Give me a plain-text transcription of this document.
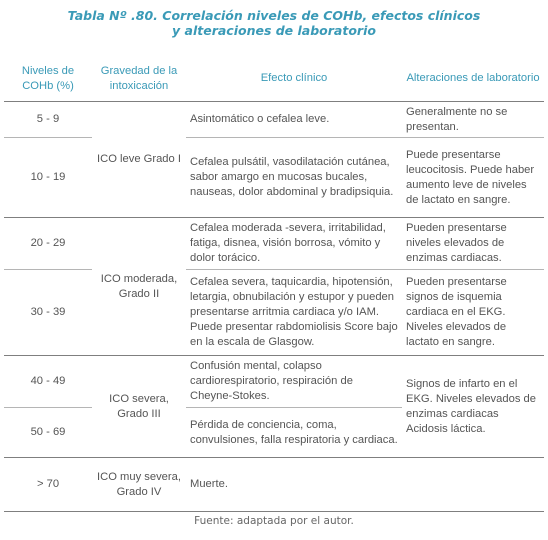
Tabla Nº .80. Correlación niveles de COHb, efectos clínicos
y alteraciones de laboratorio
Niveles de COHb (%)	Gravedad de la intoxicación	Efecto clínico	Alteraciones de laboratorio
5 - 9	ICO leve Grado I	Asintomático o cefalea leve.	Generalmente no se presentan.
10 - 19		Cefalea pulsátil, vasodilatación cutánea, sabor amargo en mucosas bucales, nauseas, dolor abdominal y bradipsiquia.	Puede presentarse leucocitosis. Puede haber aumento leve de niveles de lactato en sangre.
20 - 29	ICO moderada, Grado II	Cefalea moderada -severa, irritabilidad, fatiga, disnea, visión borrosa, vómito y dolor torácico.	Pueden presentarse niveles elevados de enzimas cardiacas.
30 - 39		Cefalea severa, taquicardia, hipotensión, letargia, obnubilación y estupor y pueden presentarse arritmia cardiaca y/o IAM. Puede presentar rabdomiolisis Score bajo en la escala de Glasgow.	Pueden presentarse signos de isquemia cardiaca en el EKG. Niveles elevados de lactato en sangre.
40 - 49	ICO severa, Grado III	Confusión mental, colapso cardiorespiratorio, respiración de Cheyne-Stokes.	Signos de infarto en el EKG. Niveles elevados de enzimas cardiacas Acidosis láctica.
50 - 69		Pérdida de conciencia, coma, convulsiones, falla respiratoria y cardiaca.	
> 70	ICO muy severa, Grado IV	Muerte.	
Fuente: adaptada por el autor.
